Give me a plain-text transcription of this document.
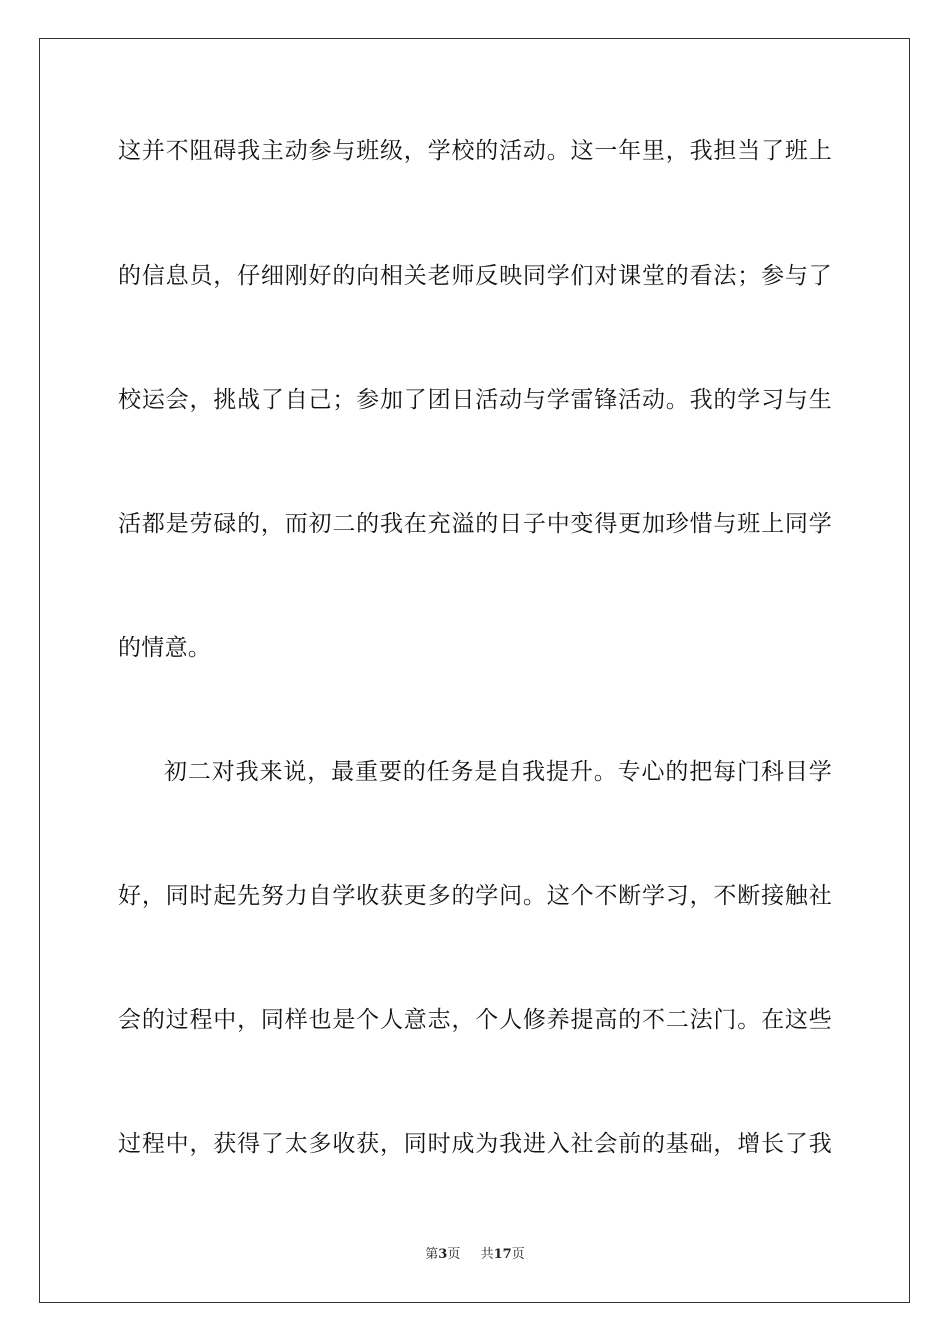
这并不阻碍我主动参与班级，学校的活动。这一年里，我担当了班上
的信息员，仔细刚好的向相关老师反映同学们对课堂的看法；参与了
校运会，挑战了自己；参加了团日活动与学雷锋活动。我的学习与生
活都是劳碌的，而初二的我在充溢的日子中变得更加珍惜与班上同学
的情意。
初二对我来说，最重要的任务是自我提升。专心的把每门科目学
好，同时起先努力自学收获更多的学问。这个不断学习，不断接触社
会的过程中，同样也是个人意志，个人修养提高的不二法门。在这些
过程中，获得了太多收获，同时成为我进入社会前的基础，增长了我
第3页 共17页
